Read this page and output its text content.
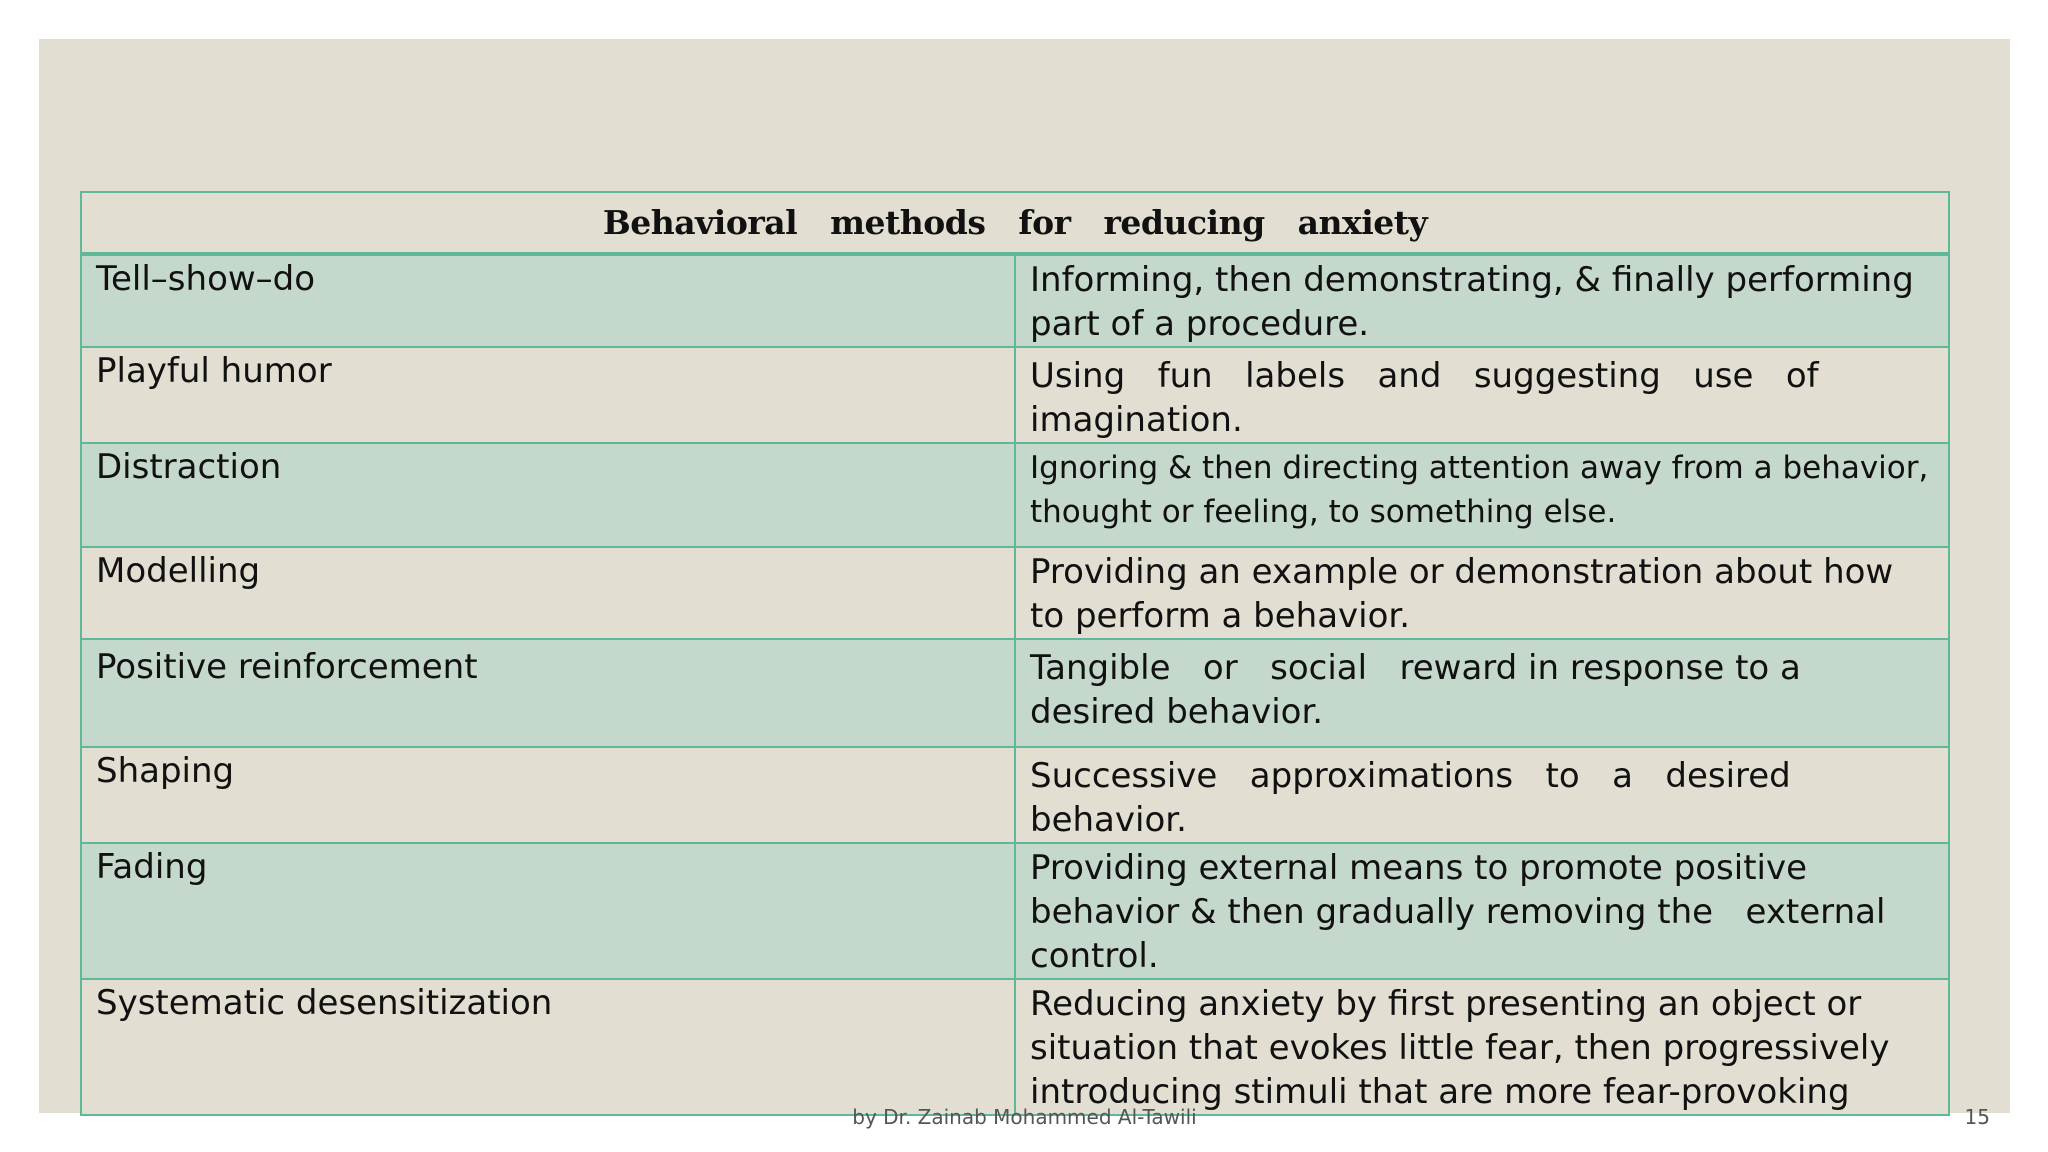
Behavioral methods for reducing anxiety	
Tell–show–do	Informing, then demonstrating, & finally performing part of a procedure.
Playful humor	Using   fun   labels   and   suggesting   use   of   imagination.
Distraction	Ignoring & then directing attention away from a behavior, thought or feeling, to something else.
Modelling	Providing an example or demonstration about how to perform a behavior.
Positive reinforcement	Tangible   or   social   reward in response to a desired behavior.
Shaping	Successive   approximations   to   a   desired   behavior.
Fading	Providing external means to promote positive behavior & then gradually removing the   external   control.
Systematic desensitization	Reducing anxiety by first presenting an object or situation that evokes little fear, then progressively introducing stimuli that are more fear-provoking
by Dr. Zainab Mohammed Al-Tawili	15
